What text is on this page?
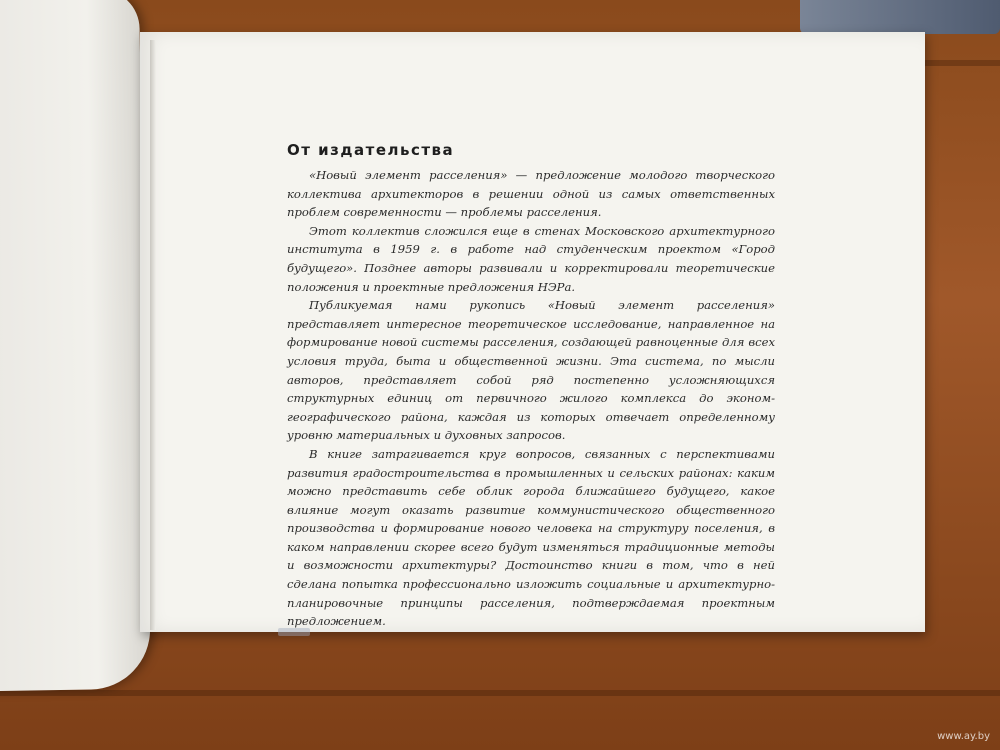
От издательства

«Новый элемент расселения» — предложение молодого творческого коллектива архитекторов в решении одной из самых ответственных проблем современности — проблемы расселения.

Этот коллектив сложился еще в стенах Московского архитектурного института в 1959 г. в работе над студенческим проектом «Город будущего». Позднее авторы развивали и корректировали теоретические положения и проектные предложения НЭРа.

Публикуемая нами рукопись «Новый элемент расселения» представляет интересное теоретическое исследование, направленное на формирование новой системы расселения, создающей равноценные для всех условия труда, быта и общественной жизни. Эта система, по мысли авторов, представляет собой ряд постепенно усложняющихся структурных единиц от первичного жилого комплекса до эконом-географического района, каждая из которых отвечает определенному уровню материальных и духовных запросов.

В книге затрагивается круг вопросов, связанных с перспективами развития градостроительства в промышленных и сельских районах: каким можно представить себе облик города ближайшего будущего, какое влияние могут оказать развитие коммунистического общественного производства и формирование нового человека на структуру поселения, в каком направлении скорее всего будут изменяться традиционные методы и возможности архитектуры? Достоинство книги в том, что в ней сделана попытка профессионально изложить социальные и архитектурно-планировочные принципы расселения, подтверждаемая проектным предложением.

www.ay.by
